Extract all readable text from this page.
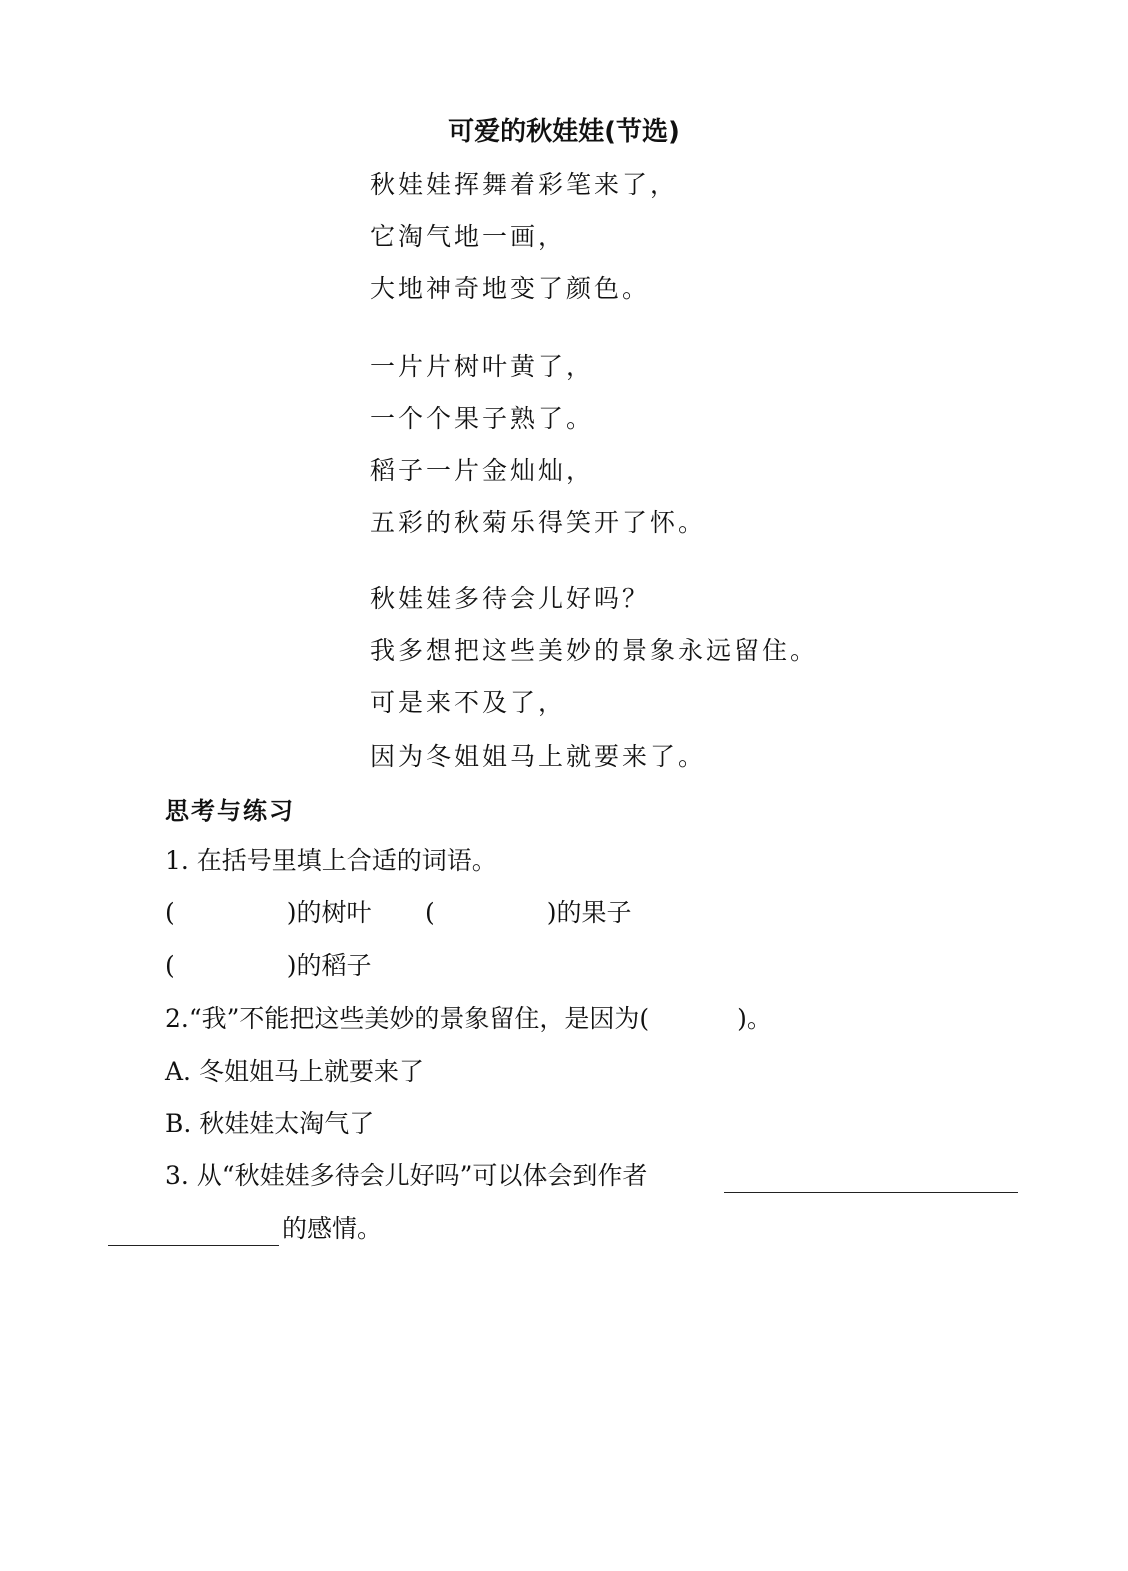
可爱的秋娃娃(节选)
秋娃娃挥舞着彩笔来了，
它淘气地一画，
大地神奇地变了颜色。
一片片树叶黄了，
一个个果子熟了。
稻子一片金灿灿，
五彩的秋菊乐得笑开了怀。
秋娃娃多待会儿好吗？
我多想把这些美妙的景象永远留住。
可是来不及了，
因为冬姐姐马上就要来了。
思考与练习
1. 在括号里填上合适的词语。
(	)的树叶 (	)的果子
(	)的稻子
2.“我”不能把这些美妙的景象留住，是因为(	)。
A. 冬姐姐马上就要来了
B. 秋娃娃太淘气了
3. 从“秋娃娃多待会儿好吗”可以体会到作者
的感情。
